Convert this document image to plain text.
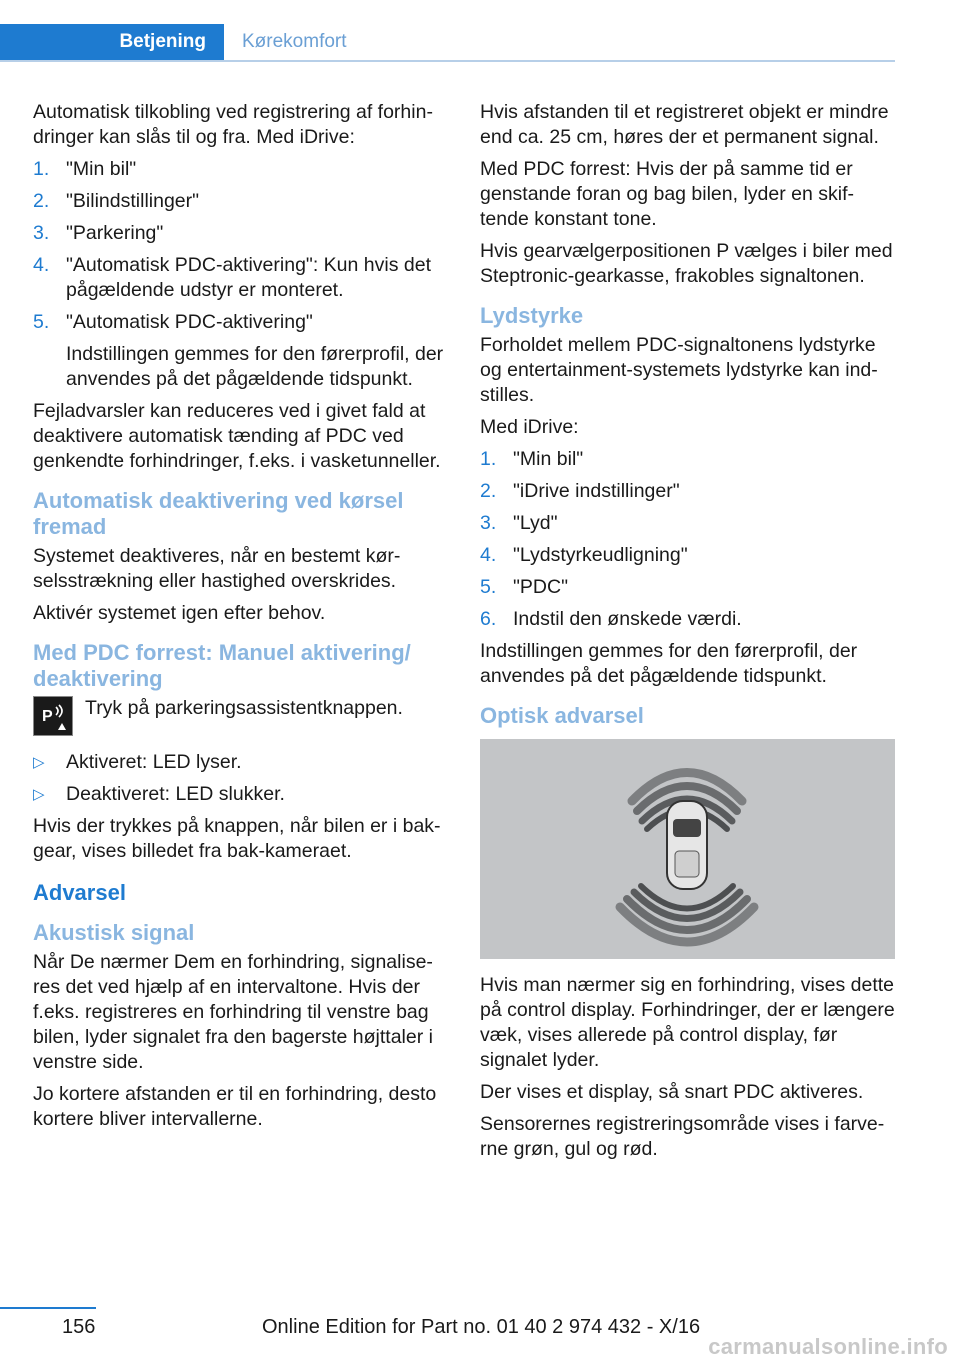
Betjening	Kørekomfort

Automatisk tilkobling ved registrering af forhindringer kan slås til og fra. Med iDrive:

1. "Min bil"
2. "Bilindstillinger"
3. "Parkering"
4. "Automatisk PDC-aktivering": Kun hvis det pågældende udstyr er monteret.
5. "Automatisk PDC-aktivering"
Indstillingen gemmes for den førerprofil, der anvendes på det pågældende tidspunkt.

Fejladvarsler kan reduceres ved i givet fald at deaktivere automatisk tænding af PDC ved genkendte forhindringer, f.eks. i vasketunneller.

Automatisk deaktivering ved kørsel fremad

Systemet deaktiveres, når en bestemt kørselsstrækning eller hastighed overskrides.

Aktivér systemet igen efter behov.

Med PDC forrest: Manuel aktivering/ deaktivering
P Tryk på parkeringsassistentknappen.
▷ Aktiveret: LED lyser.
▷ Deaktiveret: LED slukker.

Hvis der trykkes på knappen, når bilen er i bakgear, vises billedet fra bak-kameraet.

Advarsel
Akustisk signal

Når De nærmer Dem en forhindring, signaliseres det ved hjælp af en intervaltone. Hvis der f.eks. registreres en forhindring til venstre bag bilen, lyder signalet fra den bagerste højttaler i venstre side.

Jo kortere afstanden er til en forhindring, desto kortere bliver intervallerne.

Hvis afstanden til et registreret objekt er mindre end ca. 25 cm, høres der et permanent signal.

Med PDC forrest: Hvis der på samme tid er genstande foran og bag bilen, lyder en skiftende konstant tone.

Hvis gearvælgerpositionen P vælges i biler med Steptronic-gearkasse, frakobles signaltonen.

Lydstyrke

Forholdet mellem PDC-signaltonens lydstyrke og entertainment-systemets lydstyrke kan indstilles.

Med iDrive:

1. "Min bil"
2. "iDrive indstillinger"
3. "Lyd"
4. "Lydstyrkeudligning"
5. "PDC"
6. Indstil den ønskede værdi.

Indstillingen gemmes for den førerprofil, der anvendes på det pågældende tidspunkt.

Optisk advarsel

Hvis man nærmer sig en forhindring, vises dette på control display. Forhindringer, der er længere væk, vises allerede på control display, før signalet lyder.

Der vises et display, så snart PDC aktiveres.

Sensorernes registreringsområde vises i farverne grøn, gul og rød.

156	Online Edition for Part no. 01 40 2 974 432 - X/16
carmanualsonline.info
